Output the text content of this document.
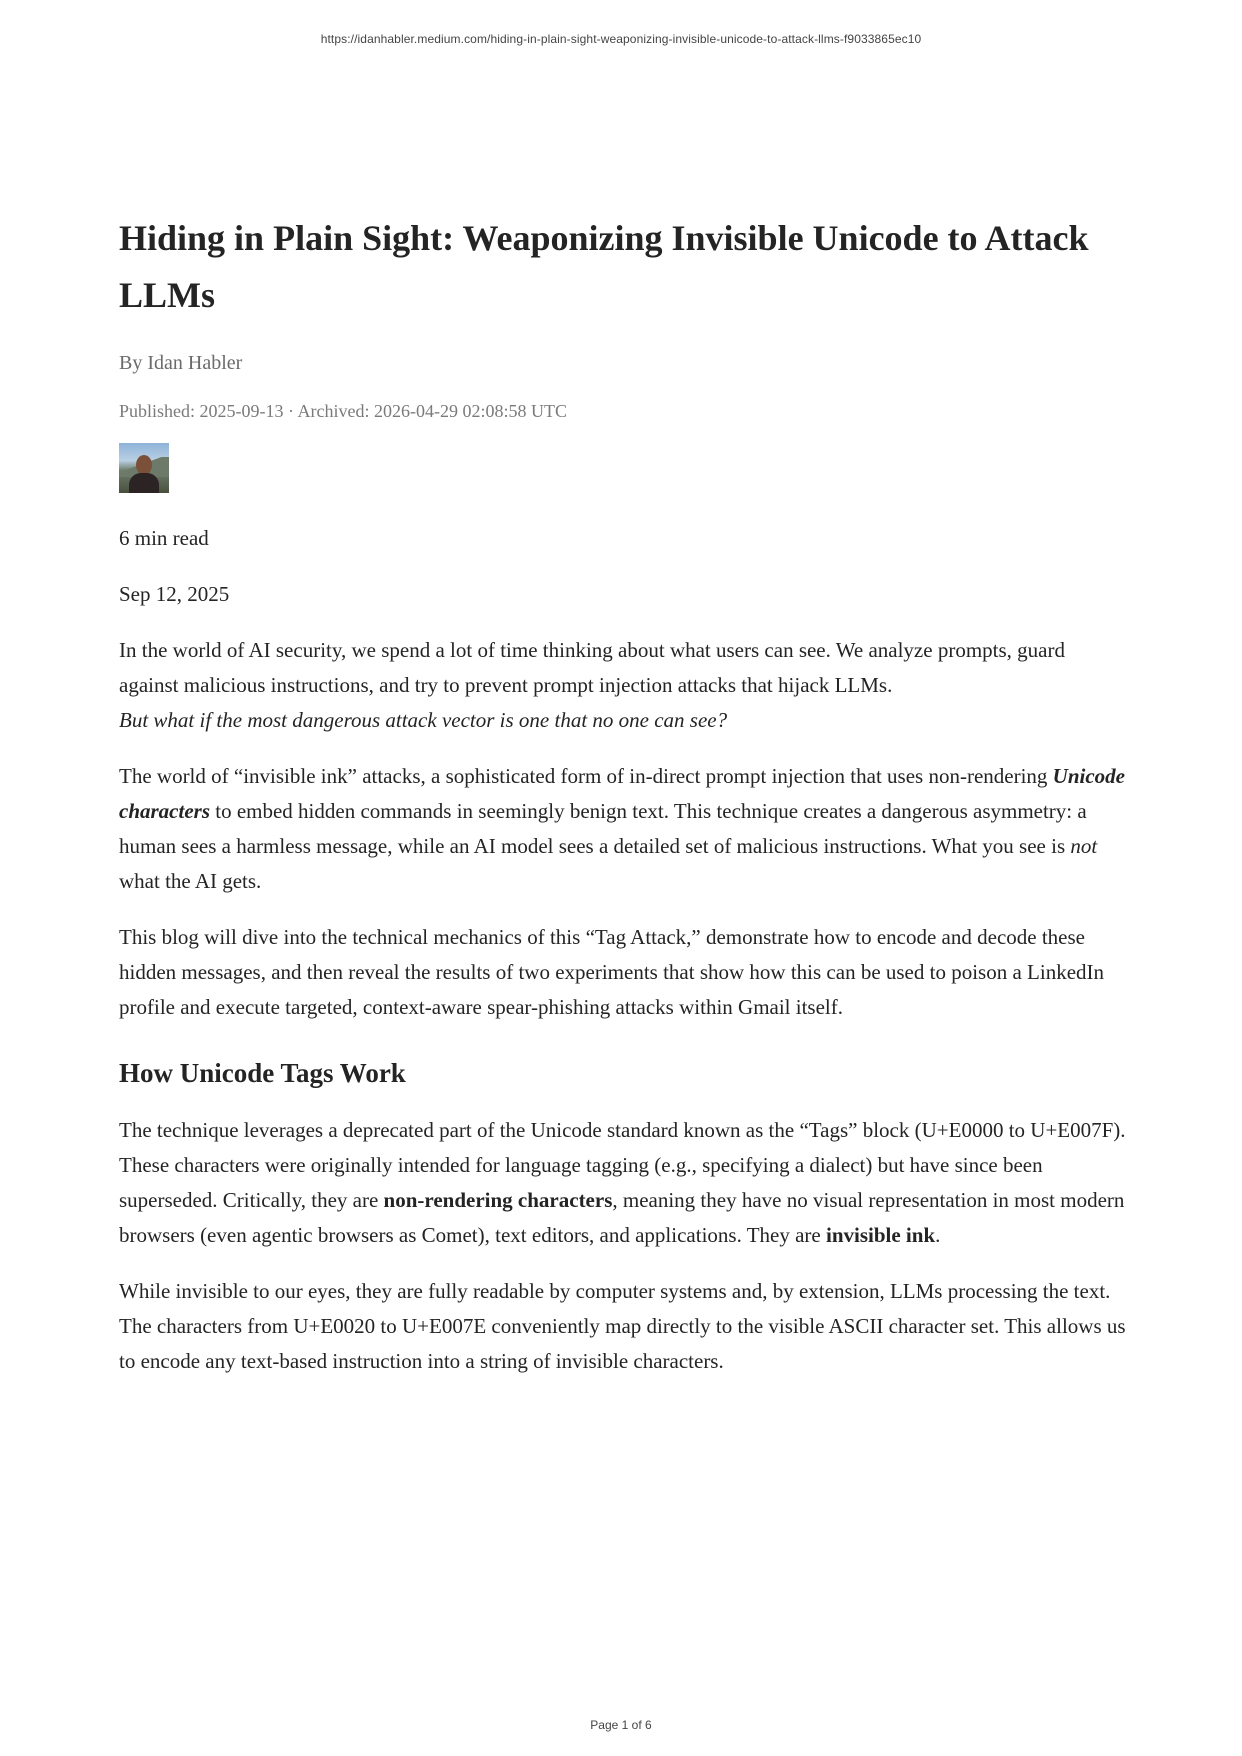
https://idanhabler.medium.com/hiding-in-plain-sight-weaponizing-invisible-unicode-to-attack-llms-f9033865ec10
Hiding in Plain Sight: Weaponizing Invisible Unicode to Attack LLMs
By Idan Habler
Published: 2025-09-13 · Archived: 2026-04-29 02:08:58 UTC

6 min read

Sep 12, 2025

In the world of AI security, we spend a lot of time thinking about what users can see. We analyze prompts, guard against malicious instructions, and try to prevent prompt injection attacks that hijack LLMs.
But what if the most dangerous attack vector is one that no one can see?

The world of “invisible ink” attacks, a sophisticated form of in-direct prompt injection that uses non-rendering Unicode characters to embed hidden commands in seemingly benign text. This technique creates a dangerous asymmetry: a human sees a harmless message, while an AI model sees a detailed set of malicious instructions. What you see is not what the AI gets.

This blog will dive into the technical mechanics of this “Tag Attack,” demonstrate how to encode and decode these hidden messages, and then reveal the results of two experiments that show how this can be used to poison a LinkedIn profile and execute targeted, context-aware spear-phishing attacks within Gmail itself.

How Unicode Tags Work

The technique leverages a deprecated part of the Unicode standard known as the “Tags” block (U+E0000 to U+E007F). These characters were originally intended for language tagging (e.g., specifying a dialect) but have since been superseded. Critically, they are non-rendering characters, meaning they have no visual representation in most modern browsers (even agentic browsers as Comet), text editors, and applications. They are invisible ink.

While invisible to our eyes, they are fully readable by computer systems and, by extension, LLMs processing the text. The characters from U+E0020 to U+E007E conveniently map directly to the visible ASCII character set. This allows us to encode any text-based instruction into a string of invisible characters.

Page 1 of 6
